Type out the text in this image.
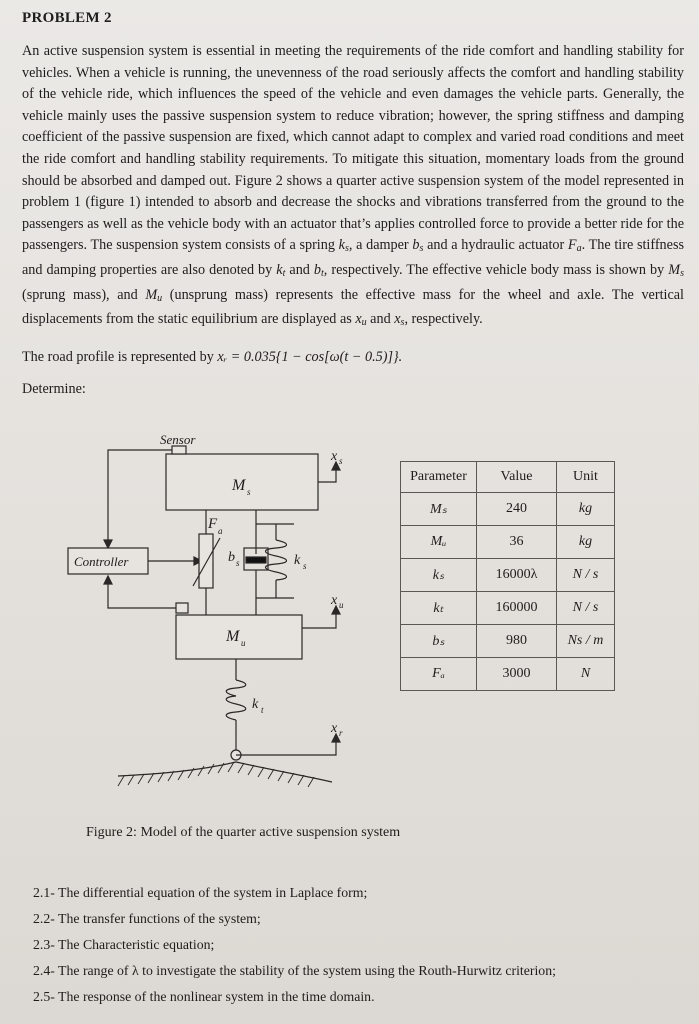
PROBLEM 2
An active suspension system is essential in meeting the requirements of the ride comfort and handling stability for vehicles. When a vehicle is running, the unevenness of the road seriously affects the comfort and handling stability of the vehicle ride, which influences the speed of the vehicle and even damages the vehicle parts. Generally, the vehicle mainly uses the passive suspension system to reduce vibration; however, the spring stiffness and damping coefficient of the passive suspension are fixed, which cannot adapt to complex and varied road conditions and meet the ride comfort and handling stability requirements. To mitigate this situation, momentary loads from the ground should be absorbed and damped out. Figure 2 shows a quarter active suspension system of the model represented in problem 1 (figure 1) intended to absorb and decrease the shocks and vibrations transferred from the ground to the passengers as well as the vehicle body with an actuator that’s applies controlled force to provide a better ride for the passengers. The suspension system consists of a spring $k_s$, a damper $b_s$ and a hydraulic actuator $F_a$. The tire stiffness and damping properties are also denoted by $k_t$ and $b_t$, respectively. The effective vehicle body mass is shown by $M_s$ (sprung mass), and $M_u$ (unsprung mass) represents the effective mass for the wheel and axle. The vertical displacements from the static equilibrium are displayed as $x_u$ and $x_s$, respectively.
The road profile is represented by xᵣ = 0.035{1 − cos[ω(t − 0.5)]}.
Determine:
Sensor
Controller
M s
M u
F a
b s	k s
k t
x s
x u
x r
Parameter	Value	Unit
Mₛ	240	kg
Mᵤ	36	kg
kₛ	16000λ	N / s
kₜ	160000	N / s
bₛ	980	Ns / m
Fₐ	3000	N
Figure 2: Model of the quarter active suspension system
2.1- The differential equation of the system in Laplace form;
2.2- The transfer functions of the system;
2.3- The Characteristic equation;
2.4- The range of λ to investigate the stability of the system using the Routh-Hurwitz criterion;
2.5- The response of the nonlinear system in the time domain.
